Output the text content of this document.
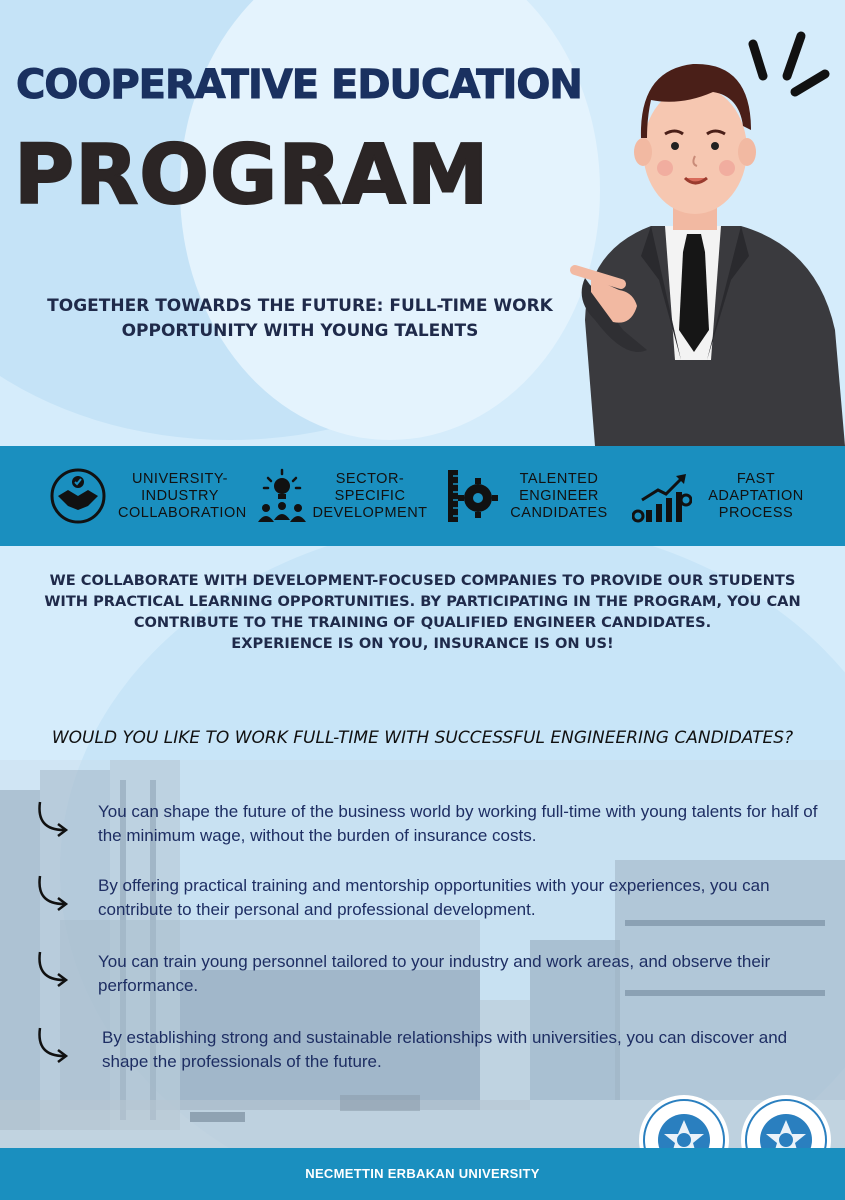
COOPERATIVE EDUCATION
PROGRAM

TOGETHER TOWARDS THE FUTURE: FULL-TIME WORK OPPORTUNITY WITH YOUNG TALENTS

UNIVERSITY-
INDUSTRY
COLLABORATION
SECTOR-
SPECIFIC
DEVELOPMENT
TALENTED
ENGINEER
CANDIDATES
FAST
ADAPTATION
PROCESS

WE COLLABORATE WITH DEVELOPMENT-FOCUSED COMPANIES TO PROVIDE OUR STUDENTS WITH PRACTICAL LEARNING OPPORTUNITIES. BY PARTICIPATING IN THE PROGRAM, YOU CAN CONTRIBUTE TO THE TRAINING OF QUALIFIED ENGINEER CANDIDATES.
EXPERIENCE IS ON YOU, INSURANCE IS ON US!

WOULD YOU LIKE TO WORK FULL-TIME WITH SUCCESSFUL ENGINEERING CANDIDATES?

You can shape the future of the business world by working full-time with young talents for half of the minimum wage, without the burden of insurance costs.

By offering practical training and mentorship opportunities with your experiences, you can contribute to their personal and professional development.

You can train young personnel tailored to your industry and work areas, and observe their performance.

By establishing strong and sustainable relationships with universities, you can discover and shape the professionals of the future.

NECMETTIN ERBAKAN UNIVERSITY
